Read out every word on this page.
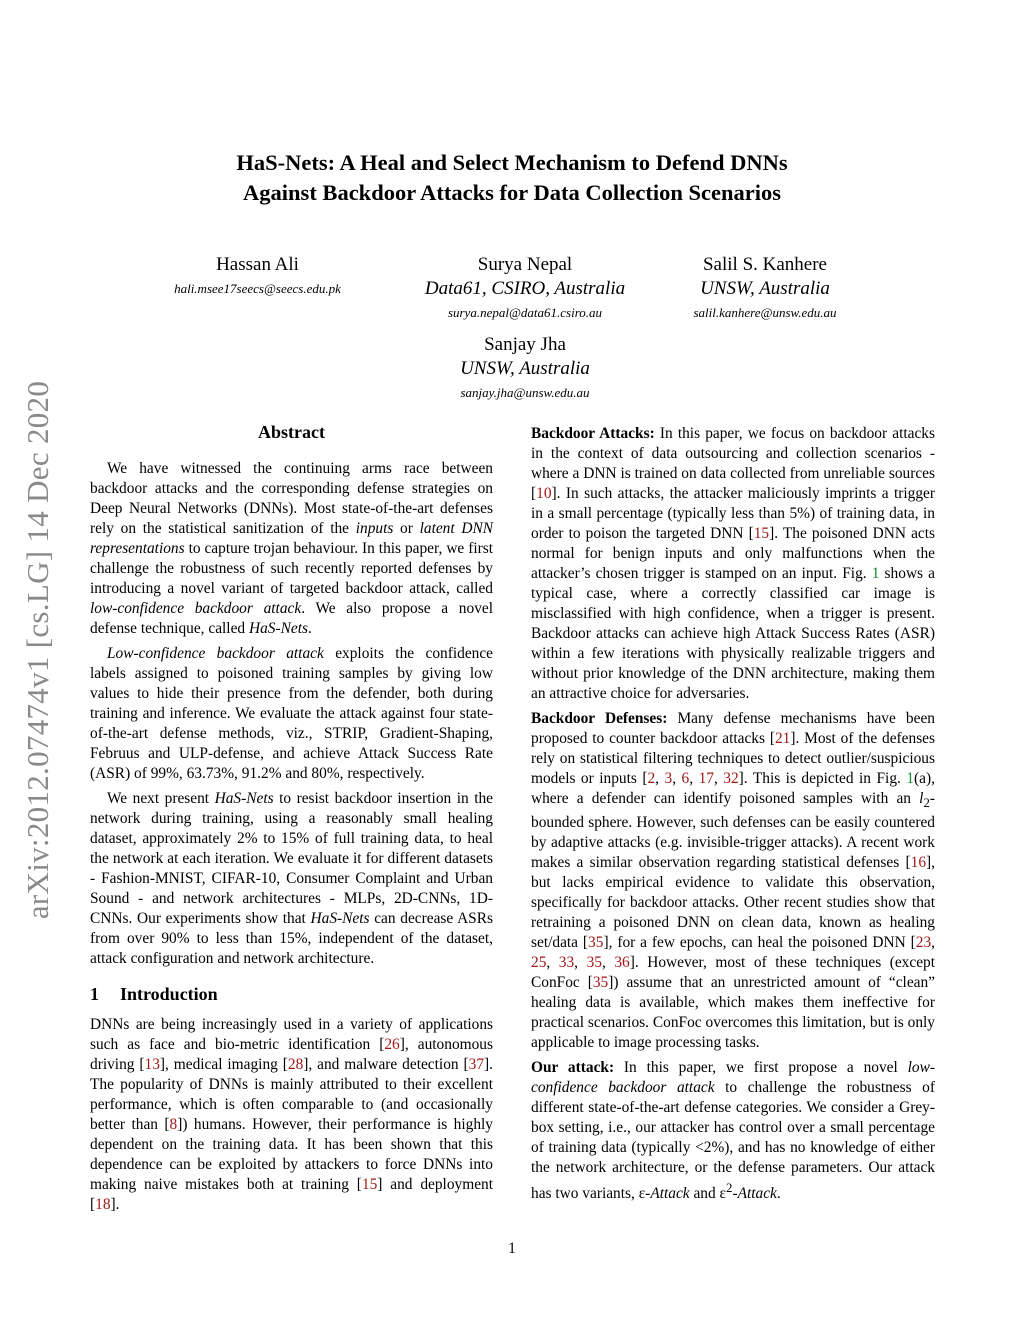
arXiv:2012.07474v1 [cs.LG] 14 Dec 2020
HaS-Nets: A Heal and Select Mechanism to Defend DNNs
Against Backdoor Attacks for Data Collection Scenarios
Hassan Ali
hali.msee17seecs@seecs.edu.pk
Surya Nepal
Data61, CSIRO, Australia
surya.nepal@data61.csiro.au
Salil S. Kanhere
UNSW, Australia
salil.kanhere@unsw.edu.au
Sanjay Jha
UNSW, Australia
sanjay.jha@unsw.edu.au
Abstract

We have witnessed the continuing arms race between backdoor attacks and the corresponding defense strategies on Deep Neural Networks (DNNs). Most state-of-the-art defenses rely on the statistical sanitization of the inputs or latent DNN representations to capture trojan behaviour. In this paper, we first challenge the robustness of such recently reported defenses by introducing a novel variant of targeted backdoor attack, called low-confidence backdoor attack. We also propose a novel defense technique, called HaS-Nets.

Low-confidence backdoor attack exploits the confidence labels assigned to poisoned training samples by giving low values to hide their presence from the defender, both during training and inference. We evaluate the attack against four state-of-the-art defense methods, viz., STRIP, Gradient-Shaping, Februus and ULP-defense, and achieve Attack Success Rate (ASR) of 99%, 63.73%, 91.2% and 80%, respectively.

We next present HaS-Nets to resist backdoor insertion in the network during training, using a reasonably small healing dataset, approximately 2% to 15% of full training data, to heal the network at each iteration. We evaluate it for different datasets - Fashion-MNIST, CIFAR-10, Consumer Complaint and Urban Sound - and network architectures - MLPs, 2D-CNNs, 1D-CNNs. Our experiments show that HaS-Nets can decrease ASRs from over 90% to less than 15%, independent of the dataset, attack configuration and network architecture.

1 Introduction

DNNs are being increasingly used in a variety of applications such as face and bio-metric identification [26], autonomous driving [13], medical imaging [28], and malware detection [37]. The popularity of DNNs is mainly attributed to their excellent performance, which is often comparable to (and occasionally better than [8]) humans. However, their performance is highly dependent on the training data. It has been shown that this dependence can be exploited by attackers to force DNNs into making naive mistakes both at training [15] and deployment [18].

Backdoor Attacks: In this paper, we focus on backdoor attacks in the context of data outsourcing and collection scenarios - where a DNN is trained on data collected from unreliable sources [10]. In such attacks, the attacker maliciously imprints a trigger in a small percentage (typically less than 5%) of training data, in order to poison the targeted DNN [15]. The poisoned DNN acts normal for benign inputs and only malfunctions when the attacker’s chosen trigger is stamped on an input. Fig. 1 shows a typical case, where a correctly classified car image is misclassified with high confidence, when a trigger is present. Backdoor attacks can achieve high Attack Success Rates (ASR) within a few iterations with physically realizable triggers and without prior knowledge of the DNN architecture, making them an attractive choice for adversaries.

Backdoor Defenses: Many defense mechanisms have been proposed to counter backdoor attacks [21]. Most of the defenses rely on statistical filtering techniques to detect outlier/suspicious models or inputs [2, 3, 6, 17, 32]. This is depicted in Fig. 1(a), where a defender can identify poisoned samples with an $l_2$-bounded sphere. However, such defenses can be easily countered by adaptive attacks (e.g. invisible-trigger attacks). A recent work makes a similar observation regarding statistical defenses [16], but lacks empirical evidence to validate this observation, specifically for backdoor attacks. Other recent studies show that retraining a poisoned DNN on clean data, known as healing set/data [35], for a few epochs, can heal the poisoned DNN [23, 25, 33, 35, 36]. However, most of these techniques (except ConFoc [35]) assume that an unrestricted amount of “clean” healing data is available, which makes them ineffective for practical scenarios. ConFoc overcomes this limitation, but is only applicable to image processing tasks.

Our attack: In this paper, we first propose a novel low-confidence backdoor attack to challenge the robustness of different state-of-the-art defense categories. We consider a Grey-box setting, i.e., our attacker has control over a small percentage of training data (typically <2%), and has no knowledge of either the network architecture, or the defense parameters. Our attack has two variants, ε-Attack and $\varepsilon^2$-Attack.

1
